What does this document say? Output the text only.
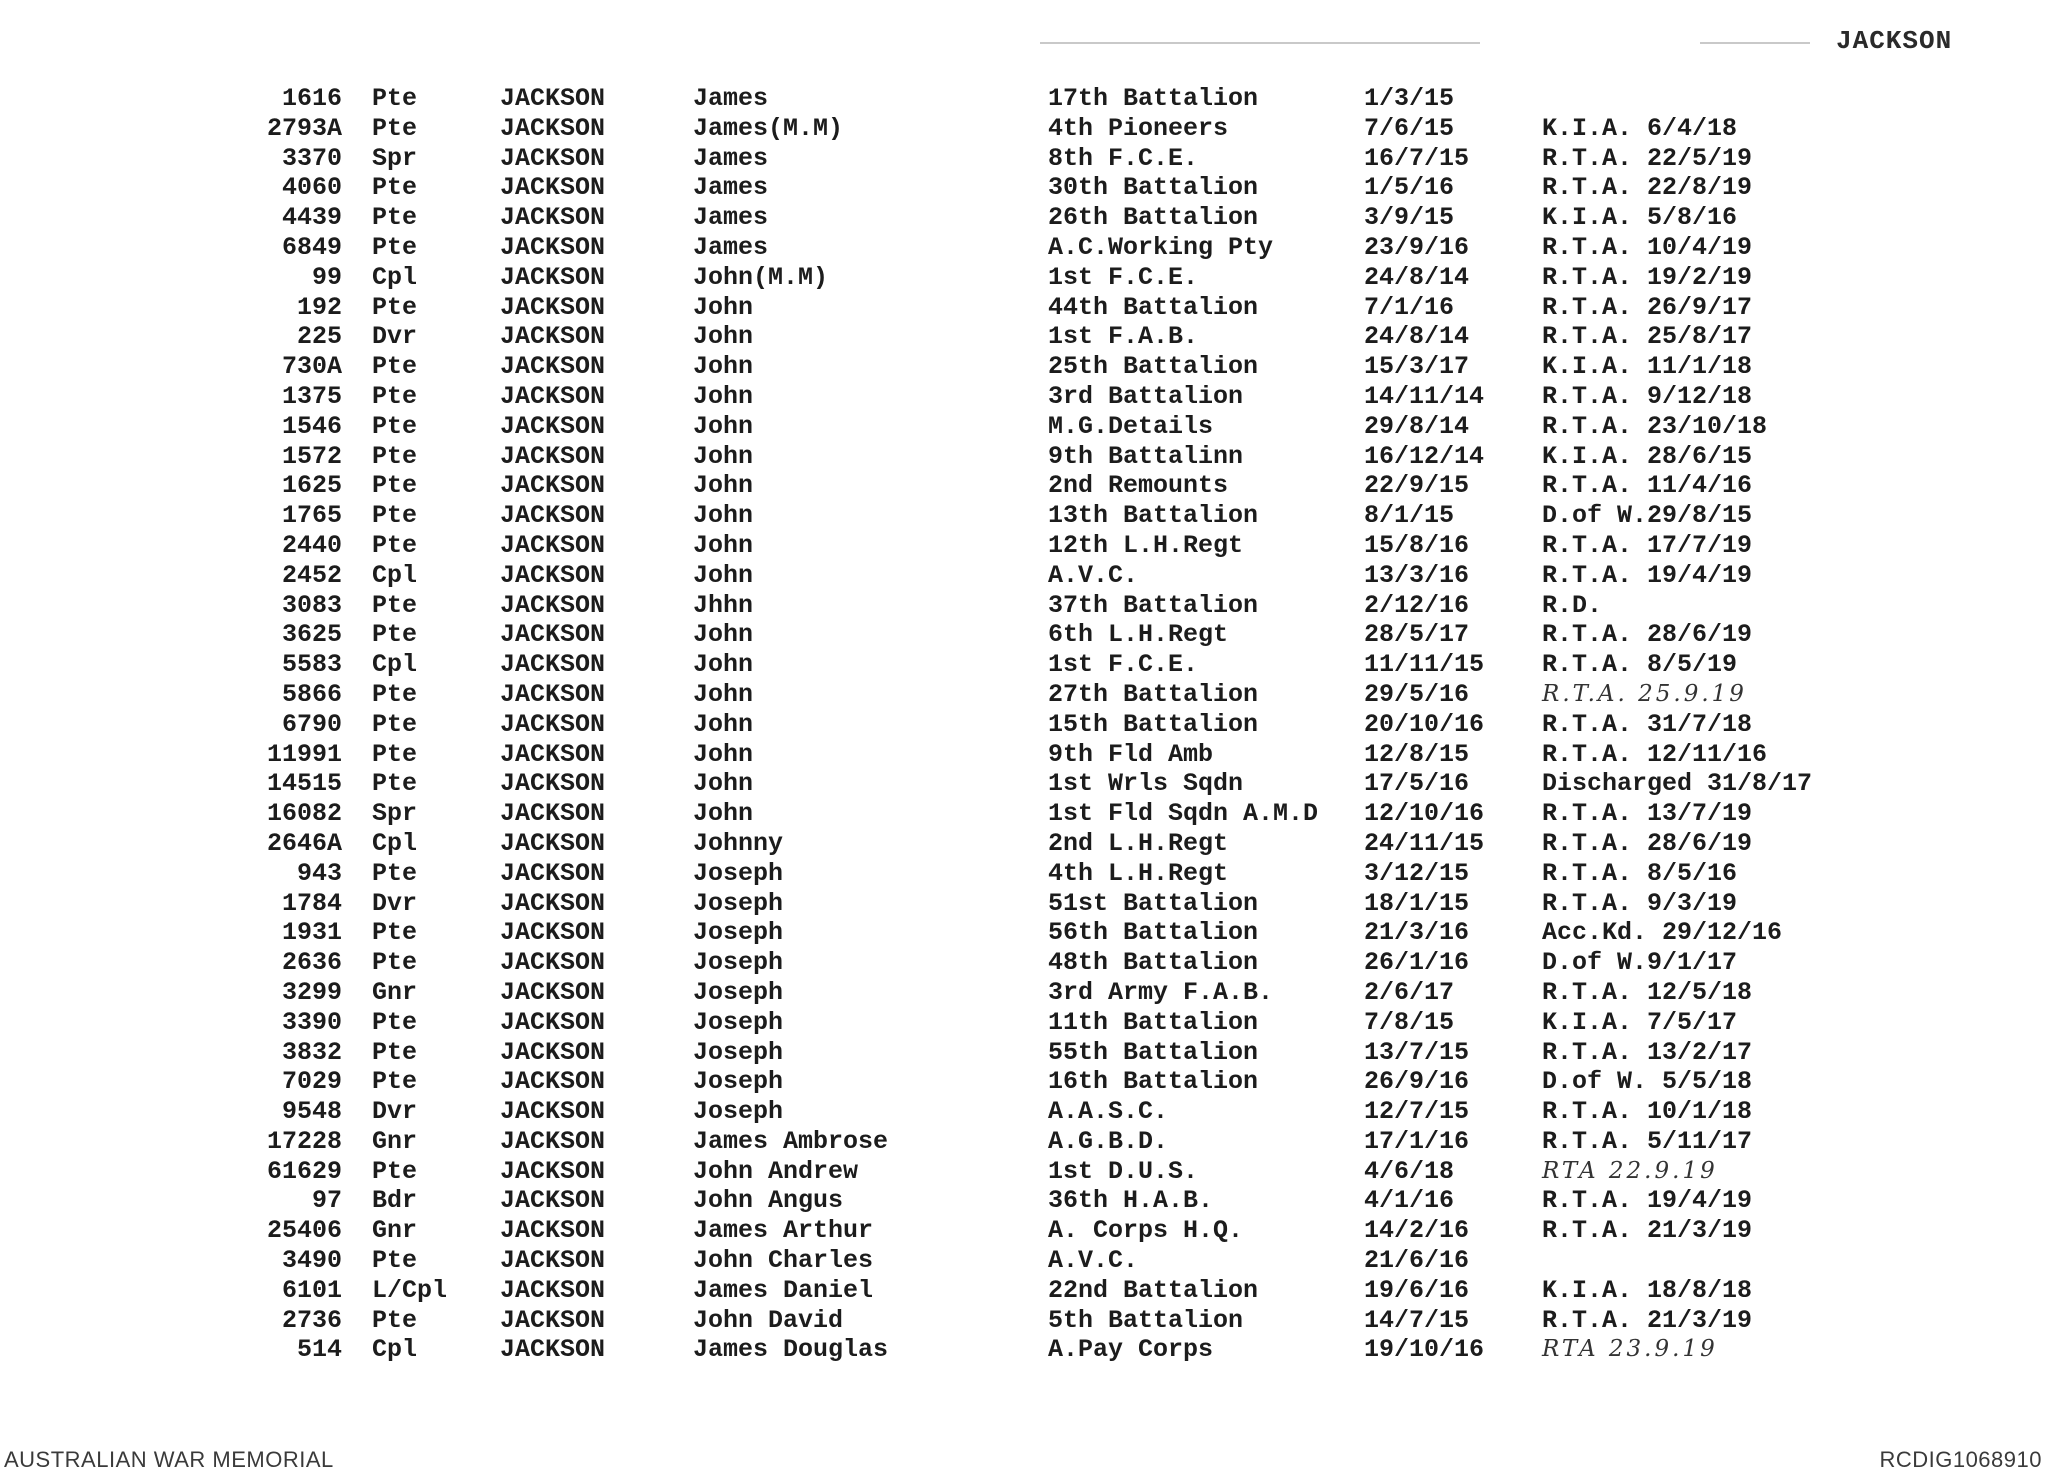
JACKSON
1616 Pte	JACKSON	James	17th Battalion	1/3/15
2793A Pte	JACKSON	James(M.M)	4th Pioneers	7/6/15	K.I.A. 6/4/18
3370 Spr	JACKSON	James	8th F.C.E.	16/7/15	R.T.A. 22/5/19
4060 Pte	JACKSON	James	30th Battalion	1/5/16	R.T.A. 22/8/19
4439 Pte	JACKSON	James	26th Battalion	3/9/15	K.I.A. 5/8/16
6849 Pte	JACKSON	James	A.C.Working Pty	23/9/16	R.T.A. 10/4/19
99 Cpl	JACKSON	John(M.M)	1st F.C.E.	24/8/14	R.T.A. 19/2/19
192 Pte	JACKSON	John	44th Battalion	7/1/16	R.T.A. 26/9/17
225 Dvr	JACKSON	John	1st F.A.B.	24/8/14	R.T.A. 25/8/17
730A Pte	JACKSON	John	25th Battalion	15/3/17	K.I.A. 11/1/18
1375 Pte	JACKSON	John	3rd Battalion	14/11/14 R.T.A. 9/12/18
1546 Pte	JACKSON	John	M.G.Details	29/8/14	R.T.A. 23/10/18
1572 Pte	JACKSON	John	9th Battalinn	16/12/14 K.I.A. 28/6/15
1625 Pte	JACKSON	John	2nd Remounts	22/9/15	R.T.A. 11/4/16
1765 Pte	JACKSON	John	13th Battalion	8/1/15	D.of W.29/8/15
2440 Pte	JACKSON	John	12th L.H.Regt	15/8/16	R.T.A. 17/7/19
2452 Cpl	JACKSON	John	A.V.C.	13/3/16	R.T.A. 19/4/19
3083 Pte	JACKSON	Jhhn	37th Battalion	2/12/16	R.D.
3625 Pte	JACKSON	John	6th L.H.Regt	28/5/17	R.T.A. 28/6/19
5583 Cpl	JACKSON	John	1st F.C.E.	11/11/15 R.T.A. 8/5/19
5866 Pte	JACKSON	John	27th Battalion	29/5/16	R.T.A. 25.9.19
6790 Pte	JACKSON	John	15th Battalion	20/10/16 R.T.A. 31/7/18
11991 Pte	JACKSON	John	9th Fld Amb	12/8/15	R.T.A. 12/11/16
14515 Pte	JACKSON	John	1st Wrls Sqdn	17/5/16	Discharged 31/8/17
16082 Spr	JACKSON	John	1st Fld Sqdn A.M.D 12/10/16 R.T.A. 13/7/19
2646A Cpl	JACKSON	Johnny	2nd L.H.Regt	24/11/15 R.T.A. 28/6/19
943 Pte	JACKSON	Joseph	4th L.H.Regt	3/12/15	R.T.A. 8/5/16
1784 Dvr	JACKSON	Joseph	51st Battalion	18/1/15	R.T.A. 9/3/19
1931 Pte	JACKSON	Joseph	56th Battalion	21/3/16	Acc.Kd. 29/12/16
2636 Pte	JACKSON	Joseph	48th Battalion	26/1/16	D.of W.9/1/17
3299 Gnr	JACKSON	Joseph	3rd Army F.A.B.	2/6/17	R.T.A. 12/5/18
3390 Pte	JACKSON	Joseph	11th Battalion	7/8/15	K.I.A. 7/5/17
3832 Pte	JACKSON	Joseph	55th Battalion	13/7/15	R.T.A. 13/2/17
7029 Pte	JACKSON	Joseph	16th Battalion	26/9/16	D.of W. 5/5/18
9548 Dvr	JACKSON	Joseph	A.A.S.C.	12/7/15	R.T.A. 10/1/18
17228 Gnr	JACKSON	James Ambrose	A.G.B.D.	17/1/16	R.T.A. 5/11/17
61629 Pte	JACKSON	John Andrew	1st D.U.S.	4/6/18	RTA 22.9.19
97 Bdr	JACKSON	John Angus	36th H.A.B.	4/1/16	R.T.A. 19/4/19
25406 Gnr	JACKSON	James Arthur	A. Corps H.Q.	14/2/16	R.T.A. 21/3/19
3490 Pte	JACKSON	John Charles	A.V.C.	21/6/16
6101 L/Cpl JACKSON	James Daniel	22nd Battalion	19/6/16	K.I.A. 18/8/18
2736 Pte	JACKSON	John David	5th Battalion	14/7/15	R.T.A. 21/3/19
514 Cpl	JACKSON	James Douglas	A.Pay Corps	19/10/16	RTA 23.9.19
AUSTRALIAN WAR MEMORIAL	RCDIG1068910
